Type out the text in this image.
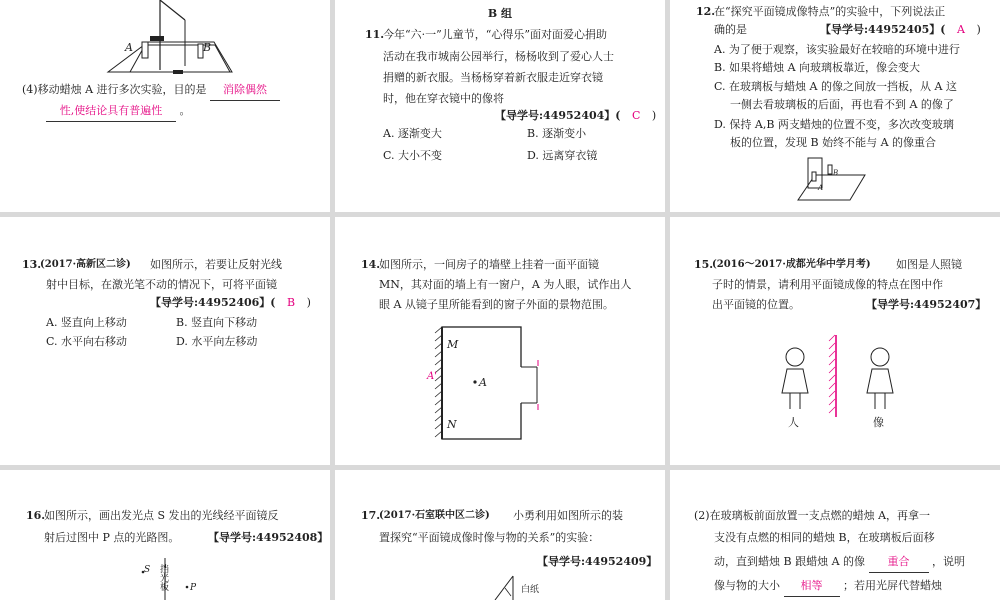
A	B
(4)移动蜡烛 A 进行多次实验，目的是 消除偶然
性,使结论具有普遍性 。
B 组
11.
今年“六·一”儿童节，“心得乐”面对面爱心捐助
活动在我市城南公园举行，杨杨收到了爱心人士
捐赠的新衣服。当杨杨穿着新衣服走近穿衣镜
时，他在穿衣镜中的像将
【导学号:44952404】( C )
A. 逐渐变大	B. 逐渐变小
C. 大小不变	D. 远离穿衣镜
12.
在“探究平面镜成像特点”的实验中，下列说法正
确的是	【导学号:44952405】( A )
A. 为了便于观察，该实验最好在较暗的环境中进行
B. 如果将蜡烛 A 向玻璃板靠近，像会变大
C. 在玻璃板与蜡烛 A 的像之间放一挡板，从 A 这
一侧去看玻璃板的后面，再也看不到 A 的像了
D. 保持 A,B 两支蜡烛的位置不变，多次改变玻璃
板的位置，发现 B 始终不能与 A 的像重合
A
B
13.
(2017·高新区二诊) 如图所示，若要让反射光线
射中目标，在激光笔不动的情况下，可将平面镜
【导学号:44952406】( B )
A. 竖直向上移动	B. 竖直向下移动
C. 水平向右移动	D. 水平向左移动
14.
如图所示，一间房子的墙壁上挂着一面平面镜
MN，其对面的墙上有一窗户，A 为人眼，试作出人
眼 A 从镜子里所能看到的窗子外面的景物范围。
M
N
A
A'
15.
(2016～2017·成都光华中学月考) 如图是人照镜
子时的情景，请利用平面镜成像的特点在图中作
出平面镜的位置。	【导学号:44952407】
人	像
16.
如图所示，画出发光点 S 发出的光线经平面镜反
射后过图中 P 点的光路图。	【导学号:44952408】
S
P
挡光板
17.
(2017·石室联中区二诊) 小勇利用如图所示的装
置探究“平面镜成像时像与物的关系”的实验：
【导学号:44952409】
白纸
(2)在玻璃板前面放置一支点燃的蜡烛 A，再拿一
支没有点燃的相同的蜡烛 B，在玻璃板后面移
动，直到蜡烛 B 跟蜡烛 A 的像 重合 ，说明
像与物的大小 相等 ；若用光屏代替蜡烛
